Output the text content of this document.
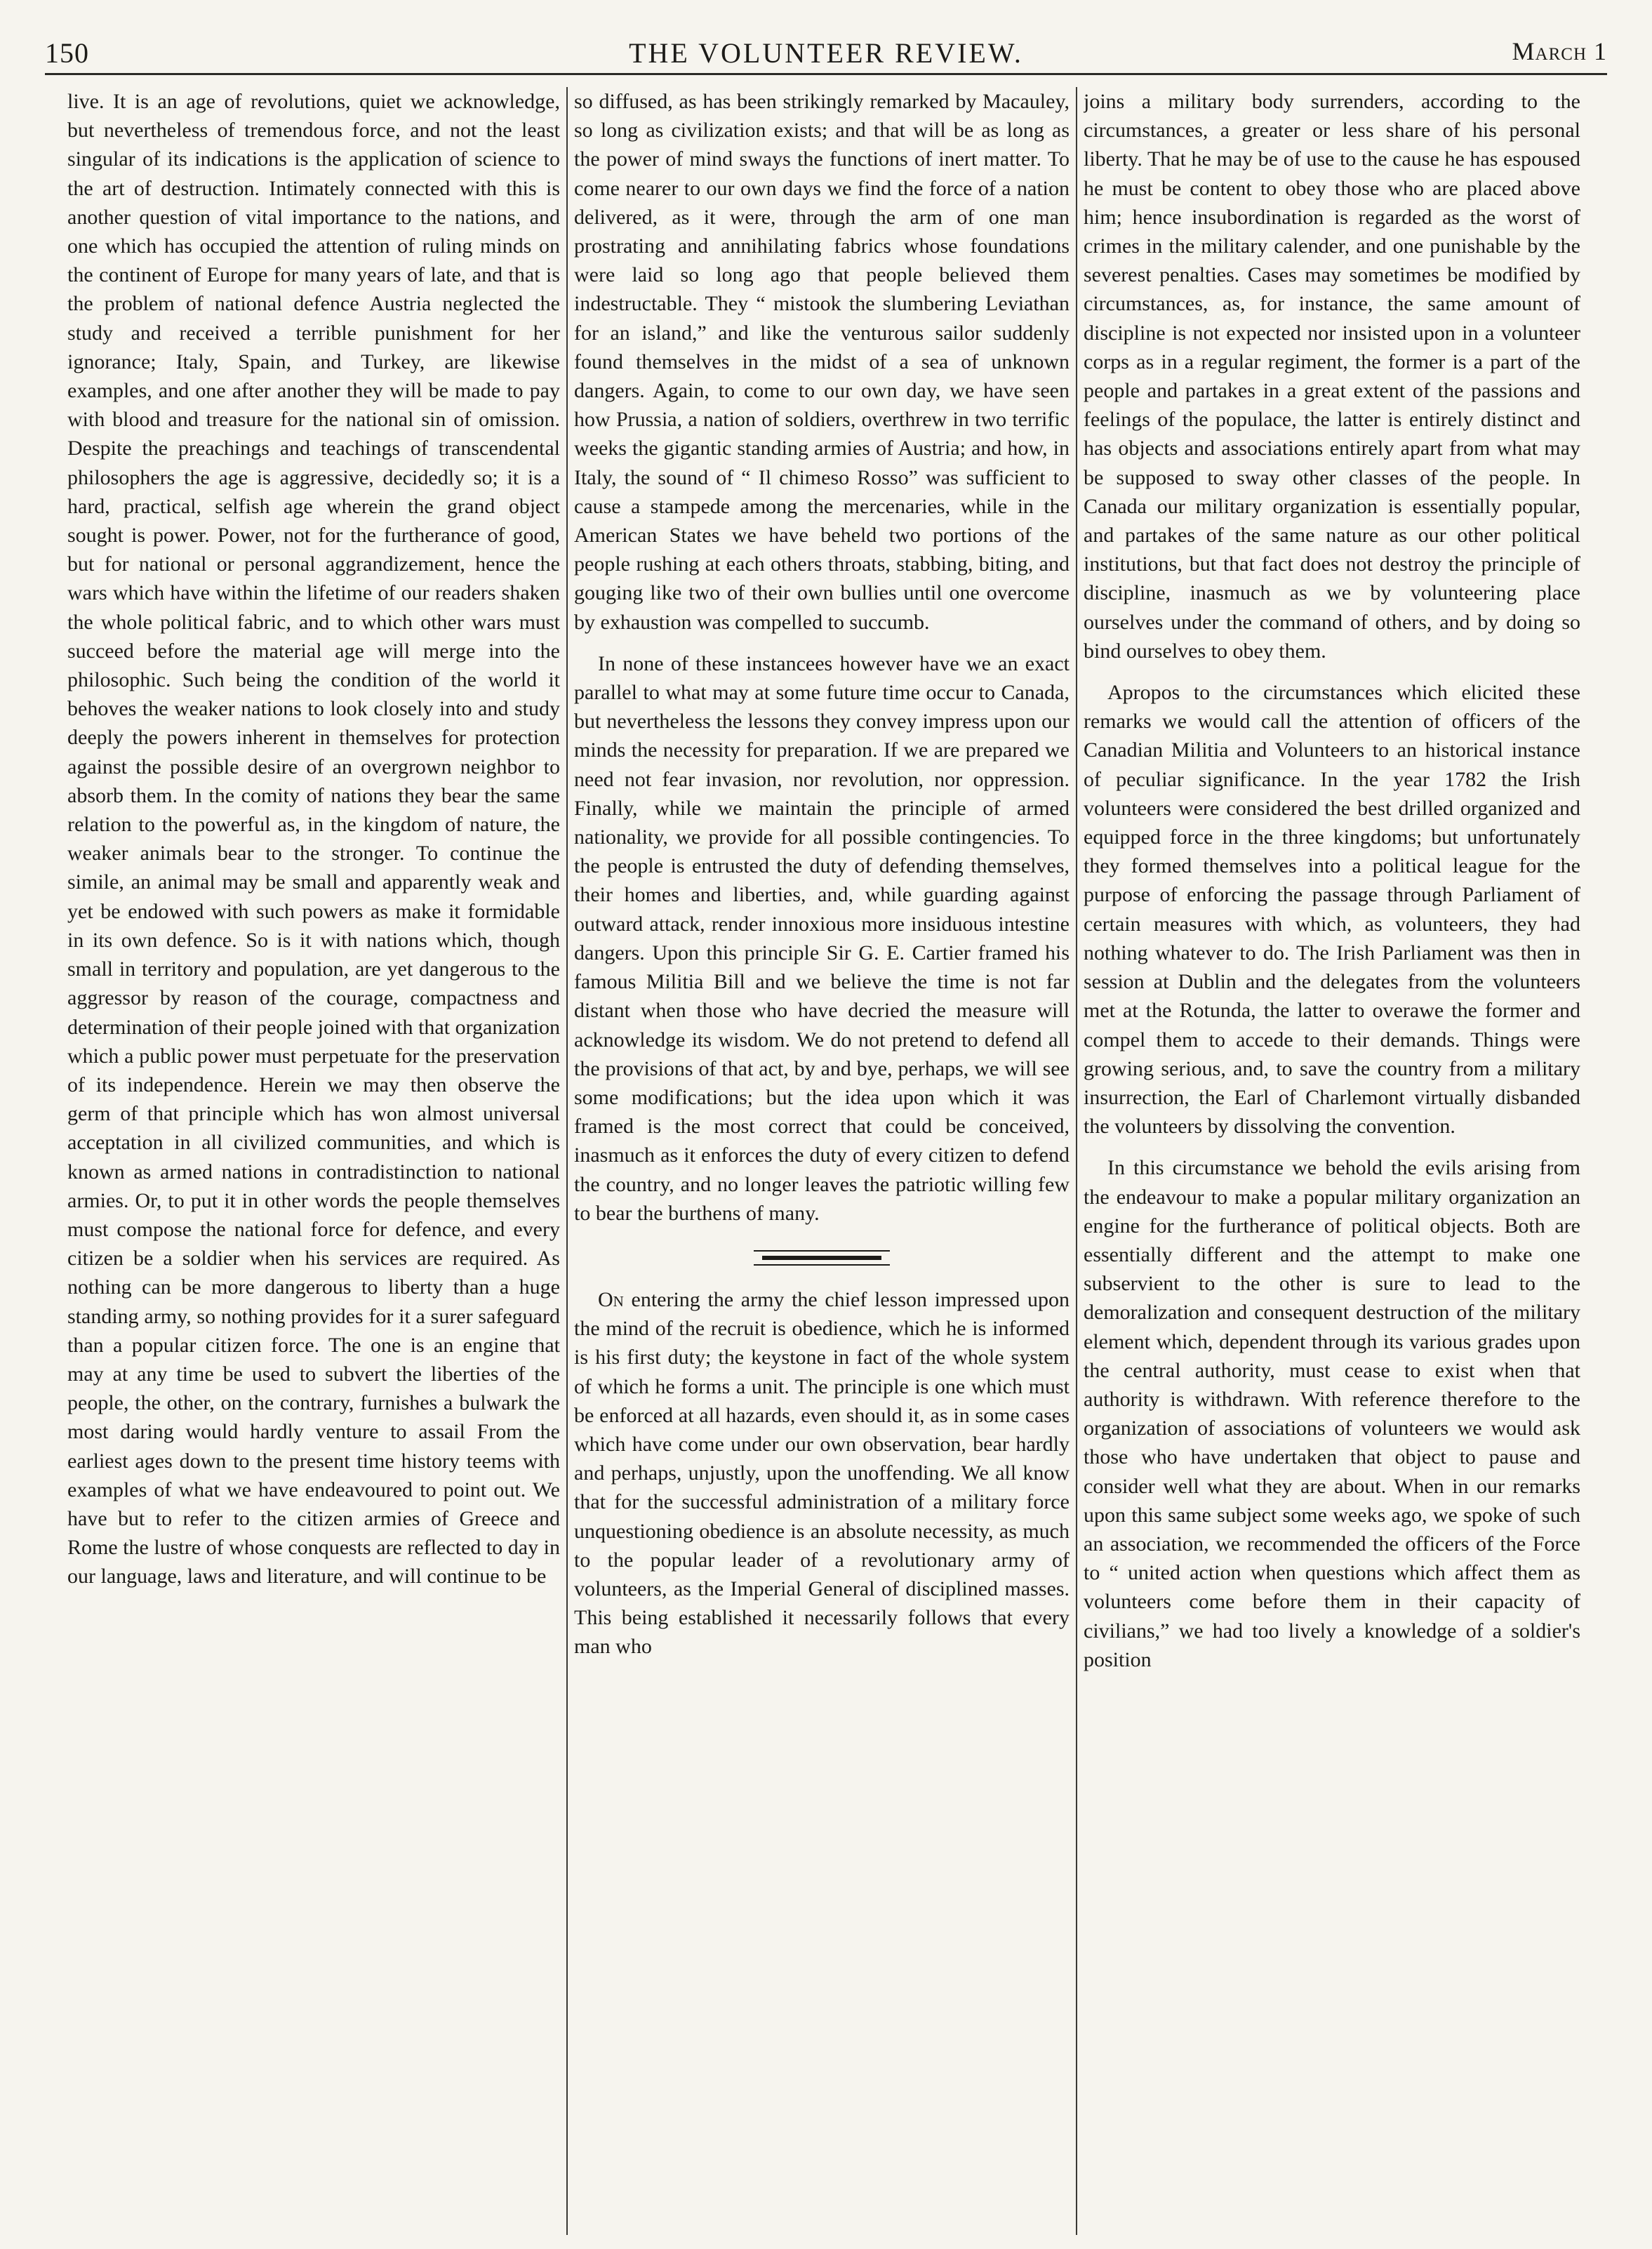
150	THE VOLUNTEER REVIEW.	March 1

live. It is an age of revolutions, quiet we acknowledge, but nevertheless of tremendous force, and not the least singular of its indications is the application of science to the art of destruction. Intimately connected with this is another question of vital importance to the nations, and one which has occupied the attention of ruling minds on the continent of Europe for many years of late, and that is the problem of national defence Austria neglected the study and received a terrible punishment for her ignorance; Italy, Spain, and Turkey, are likewise examples, and one after another they will be made to pay with blood and treasure for the national sin of omission. Despite the preachings and teachings of transcendental philosophers the age is aggressive, decidedly so; it is a hard, practical, selfish age wherein the grand object sought is power. Power, not for the furtherance of good, but for national or personal aggrandizement, hence the wars which have within the lifetime of our readers shaken the whole political fabric, and to which other wars must succeed before the material age will merge into the philosophic. Such being the condition of the world it behoves the weaker nations to look closely into and study deeply the powers inherent in themselves for protection against the possible desire of an overgrown neighbor to absorb them. In the comity of nations they bear the same relation to the powerful as, in the kingdom of nature, the weaker animals bear to the stronger. To continue the simile, an animal may be small and apparently weak and yet be endowed with such powers as make it formidable in its own defence. So is it with nations which, though small in territory and population, are yet dangerous to the aggressor by reason of the courage, compactness and determination of their people joined with that organization which a public power must perpetuate for the preservation of its independence. Herein we may then observe the germ of that principle which has won almost universal acceptation in all civilized communities, and which is known as armed nations in contradistinction to national armies. Or, to put it in other words the people themselves must compose the national force for defence, and every citizen be a soldier when his services are required. As nothing can be more dangerous to liberty than a huge standing army, so nothing provides for it a surer safeguard than a popular citizen force. The one is an engine that may at any time be used to subvert the liberties of the people, the other, on the contrary, furnishes a bulwark the most daring would hardly venture to assail From the earliest ages down to the present time history teems with examples of what we have endeavoured to point out. We have but to refer to the citizen armies of Greece and Rome the lustre of whose conquests are reflected to day in our language, laws and literature, and will continue to be

so diffused, as has been strikingly remarked by Macauley, so long as civilization exists; and that will be as long as the power of mind sways the functions of inert matter. To come nearer to our own days we find the force of a nation delivered, as it were, through the arm of one man prostrating and annihilating fabrics whose foundations were laid so long ago that people believed them indestructable. They “ mistook the slumbering Leviathan for an island,” and like the venturous sailor suddenly found themselves in the midst of a sea of unknown dangers. Again, to come to our own day, we have seen how Prussia, a nation of soldiers, overthrew in two terrific weeks the gigantic standing armies of Austria; and how, in Italy, the sound of “ Il chimeso Rosso” was sufficient to cause a stampede among the mercenaries, while in the American States we have beheld two portions of the people rushing at each others throats, stabbing, biting, and gouging like two of their own bullies until one overcome by exhaustion was compelled to succumb.

In none of these instancees however have we an exact parallel to what may at some future time occur to Canada, but nevertheless the lessons they convey impress upon our minds the necessity for preparation. If we are prepared we need not fear invasion, nor revolution, nor oppression. Finally, while we maintain the principle of armed nationality, we provide for all possible contingencies. To the people is entrusted the duty of defending themselves, their homes and liberties, and, while guarding against outward attack, render innoxious more insiduous intestine dangers. Upon this principle Sir G. E. Cartier framed his famous Militia Bill and we believe the time is not far distant when those who have decried the measure will acknowledge its wisdom. We do not pretend to defend all the provisions of that act, by and bye, perhaps, we will see some modifications; but the idea upon which it was framed is the most correct that could be conceived, inasmuch as it enforces the duty of every citizen to defend the country, and no longer leaves the patriotic willing few to bear the burthens of many.

On entering the army the chief lesson impressed upon the mind of the recruit is obedience, which he is informed is his first duty; the keystone in fact of the whole system of which he forms a unit. The principle is one which must be enforced at all hazards, even should it, as in some cases which have come under our own observation, bear hardly and perhaps, unjustly, upon the unoffending. We all know that for the successful administration of a military force unquestioning obedience is an absolute necessity, as much to the popular leader of a revolutionary army of volunteers, as the Imperial General of disciplined masses. This being established it necessarily follows that every man who

joins a military body surrenders, according to the circumstances, a greater or less share of his personal liberty. That he may be of use to the cause he has espoused he must be content to obey those who are placed above him; hence insubordination is regarded as the worst of crimes in the military calender, and one punishable by the severest penalties. Cases may sometimes be modified by circumstances, as, for instance, the same amount of discipline is not expected nor insisted upon in a volunteer corps as in a regular regiment, the former is a part of the people and partakes in a great extent of the passions and feelings of the populace, the latter is entirely distinct and has objects and associations entirely apart from what may be supposed to sway other classes of the people. In Canada our military organization is essentially popular, and partakes of the same nature as our other political institutions, but that fact does not destroy the principle of discipline, inasmuch as we by volunteering place ourselves under the command of others, and by doing so bind ourselves to obey them.

Apropos to the circumstances which elicited these remarks we would call the attention of officers of the Canadian Militia and Volunteers to an historical instance of peculiar significance. In the year 1782 the Irish volunteers were considered the best drilled organized and equipped force in the three kingdoms; but unfortunately they formed themselves into a political league for the purpose of enforcing the passage through Parliament of certain measures with which, as volunteers, they had nothing whatever to do. The Irish Parliament was then in session at Dublin and the delegates from the volunteers met at the Rotunda, the latter to overawe the former and compel them to accede to their demands. Things were growing serious, and, to save the country from a military insurrection, the Earl of Charlemont virtually disbanded the volunteers by dissolving the convention.

In this circumstance we behold the evils arising from the endeavour to make a popular military organization an engine for the furtherance of political objects. Both are essentially different and the attempt to make one subservient to the other is sure to lead to the demoralization and consequent destruction of the military element which, dependent through its various grades upon the central authority, must cease to exist when that authority is withdrawn. With reference therefore to the organization of associations of volunteers we would ask those who have undertaken that object to pause and consider well what they are about. When in our remarks upon this same subject some weeks ago, we spoke of such an association, we recommended the officers of the Force to “ united action when questions which affect them as volunteers come before them in their capacity of civilians,” we had too lively a knowledge of a soldier's position
